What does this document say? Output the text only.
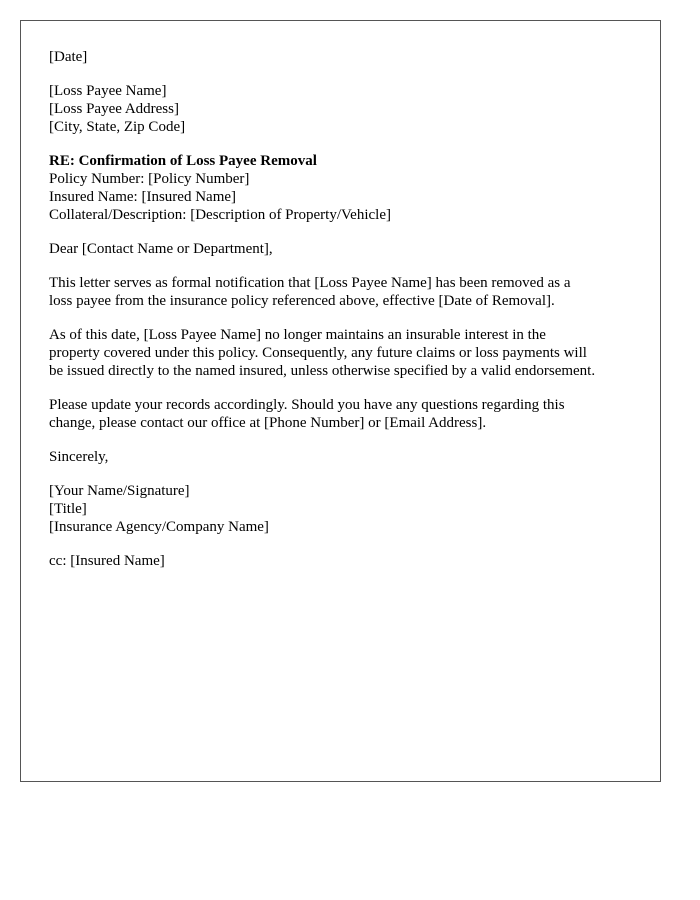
[Date]
[Loss Payee Name]
[Loss Payee Address]
[City, State, Zip Code]
RE: Confirmation of Loss Payee Removal
Policy Number: [Policy Number]
Insured Name: [Insured Name]
Collateral/Description: [Description of Property/Vehicle]
Dear [Contact Name or Department],
This letter serves as formal notification that [Loss Payee Name] has been removed as a
loss payee from the insurance policy referenced above, effective [Date of Removal].
As of this date, [Loss Payee Name] no longer maintains an insurable interest in the
property covered under this policy. Consequently, any future claims or loss payments will
be issued directly to the named insured, unless otherwise specified by a valid endorsement.
Please update your records accordingly. Should you have any questions regarding this
change, please contact our office at [Phone Number] or [Email Address].
Sincerely,
[Your Name/Signature]
[Title]
[Insurance Agency/Company Name]
cc: [Insured Name]
